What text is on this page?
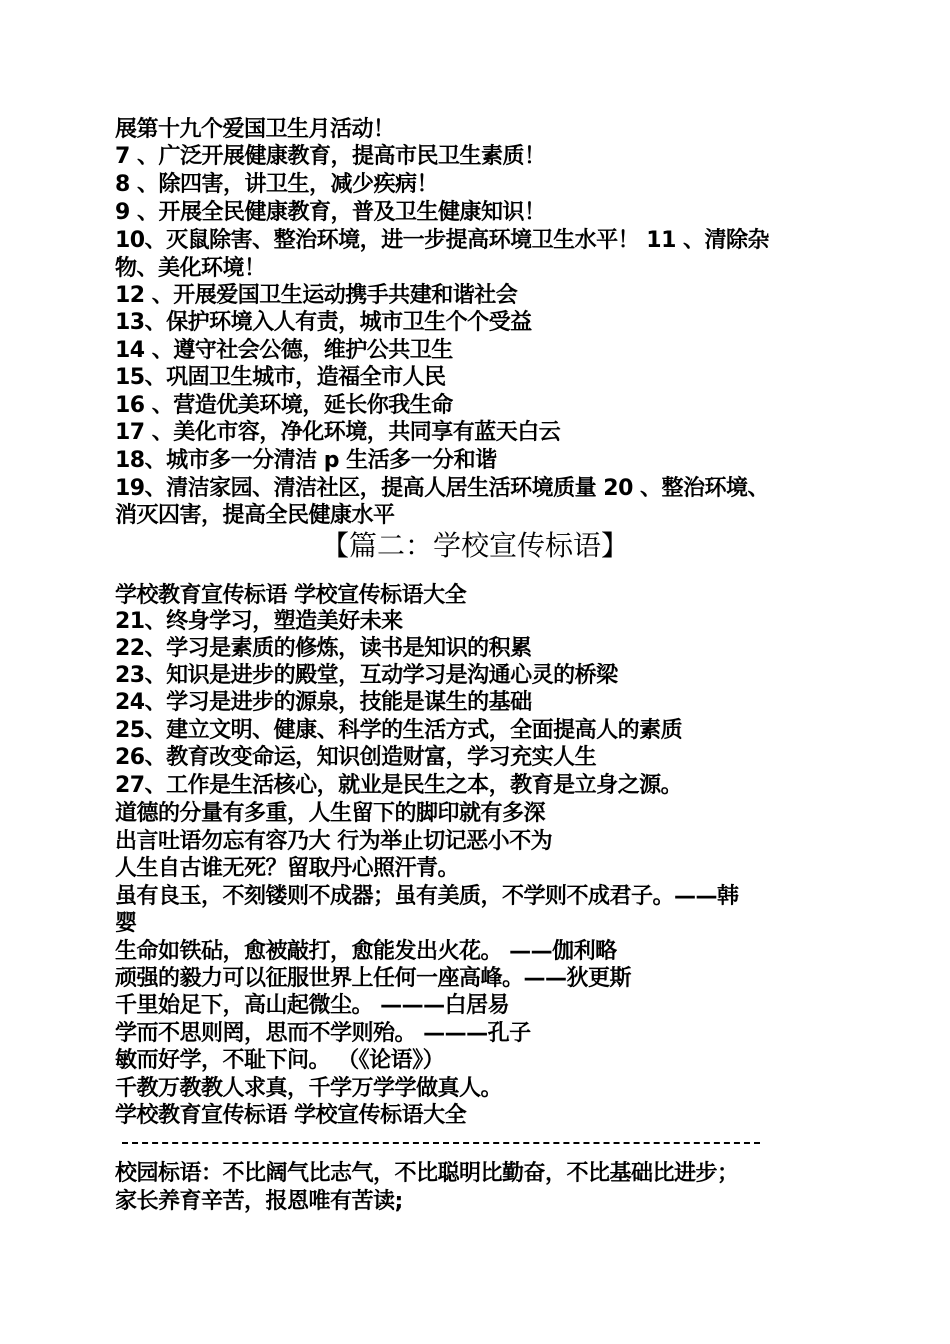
展第十九个爱国卫生月活动！
7 、广泛开展健康教育，提高市民卫生素质！
8 、除四害，讲卫生，减少疾病！
9 、开展全民健康教育，普及卫生健康知识！
10、灭鼠除害、整治环境，进一步提高环境卫生水平！ 11 、清除杂
物、美化环境！
12 、开展爱国卫生运动携手共建和谐社会
13、保护环境入人有责，城市卫生个个受益
14 、遵守社会公德，维护公共卫生
15、巩固卫生城市，造福全市人民
16 、营造优美环境，延长你我生命
17 、美化市容，净化环境，共同享有蓝天白云
18、城市多一分清洁 p 生活多一分和谐
19、清洁家园、清洁社区，提高人居生活环境质量 20 、整治环境、
消灭囚害，提高全民健康水平
【篇二：学校宣传标语】
学校教育宣传标语 学校宣传标语大全
21、终身学习，塑造美好未来
22、学习是素质的修炼，读书是知识的积累
23、知识是进步的殿堂，互动学习是沟通心灵的桥梁
24、学习是进步的源泉，技能是谋生的基础
25、建立文明、健康、科学的生活方式，全面提高人的素质
26、教育改变命运，知识创造财富，学习充实人生
27、工作是生活核心，就业是民生之本，教育是立身之源。
道德的分量有多重，人生留下的脚印就有多深
出言吐语勿忘有容乃大 行为举止切记恶小不为
人生自古谁无死？留取丹心照汗青。
虽有良玉，不刻镂则不成器；虽有美质，不学则不成君子。——韩
婴
生命如铁砧，愈被敲打，愈能发出火花。 ——伽利略
顽强的毅力可以征服世界上任何一座高峰。——狄更斯
千里始足下，高山起微尘。 ———白居易
学而不思则罔，思而不学则殆。 ———孔子
敏而好学，不耻下问。 （《论语》）
千教万教教人求真，千学万学学做真人。
学校教育宣传标语 学校宣传标语大全
校园标语：不比阔气比志气，不比聪明比勤奋，不比基础比进步；
家长养育辛苦，报恩唯有苦读;
